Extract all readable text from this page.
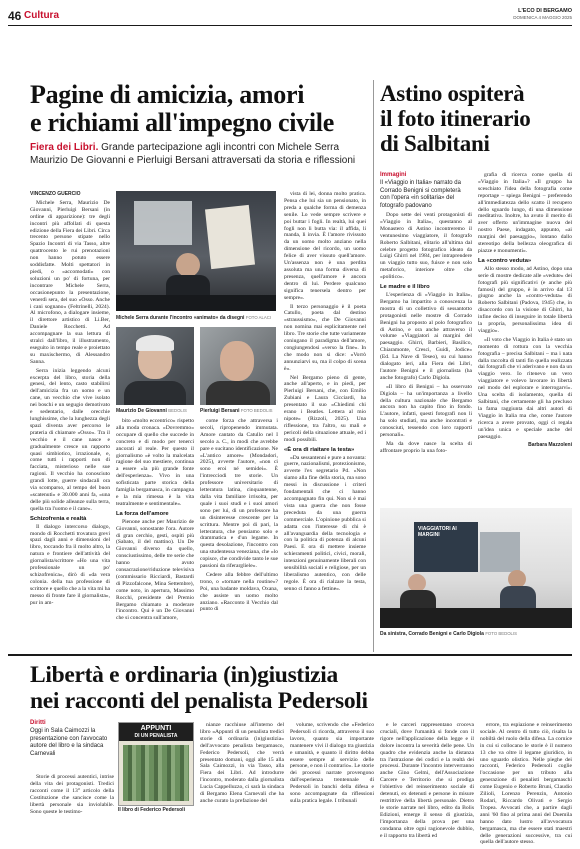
46 Cultura	L'ECO DI BERGAMO
DOMENICA 4 MAGGIO 2025
Pagine di amicizia, amori
e richiami all'impegno civile
Fiera dei Libri. Grande partecipazione agli incontri con Michele Serra
Maurizio De Giovanni e Pierluigi Bersani attraversati da storia e riflessioni
VINCENZO GUERCIO

Michele Serra, Maurizio De Giovanni, Pierluigi Bersani (in ordine di apparizione): tre degli incontri più affollati di questa edizione della Fiera dei Libri. Circa trecento persone stipate nello Spazio Incontri di via Tasso, altre quattrocento le rui prenotazioni non hanno potuto essere soddisfatte. Molti spettatori in piedi, o «accomodati» con soluzioni un po' di fortuna, per incontrare Michele Serra, occasionepunto la presentazione, venerdì sera, del suo «Osso. Anche i cani sognano» (Feltrinelli, 2024). Al microfono, a dialogare insieme, il direttore artistico di Li.Ber, Daniele Rocchetti. Ad accompagnare la sua lettura di stralci dall'libro, il illustramento, eseguito in tempo reale e proiettato su maxischermo, di Alessandro Sanna.

Serra inizia leggendo alcuni excerpta del libro, storia della genesi, del lento, casto stabilirsi dell'amicizia fra un uomo e un cane, un vecchio che vive isolato nei boschi e un segugio demotivato e sedentario, dalle orecchie lunghissime, che la lunghezza degli spazi diventa aver percorso le prateria di chiamare «Osso». Tra il vecchio e il cane nasce e gradualmente cresce un rapporto quasi simbiotico, irrazionale, e, come tutti i rapporti non di facciata, misterioso nelle sue ragioni. Il vecchio ha conosciuto grandi lotte, guerre sindacali ora via scomparso, al tempo del buon «scatenuti» e 30.000 anni fa, «una delle più solide alleanze sulla terra, quella tra l'uomo e il cane».

Schizofrenia e realtà

Il dialogo intercorso dialogo, mondo di Rocchetti trovatura grevi spazi dagli anni e dimensioni del libro, toccando fra il molto altro, la natura e frontiere dell'attività del giornalista/scrittore «Ho una vita professionale un po' schizofrenica», dirò di «da vera colonia. della tua professione di scrittore e quello che a la vita mi ha messo di fronte fare il giornalista», pur in am-

Michele Serra durante l'incontro «animato» da disegni FOTO ALACI
Maurizio De Giovanni BEDOLIS	Pierluigi Bersani FOTO BEDOLIS

bito «molto eccentrico» rispetto alla moda cronaca. «Dovremmo» occupare di quello che succede in concreto e di modo per tenerci ancorati al reale. Per questo il giornalismo «è volto la malcelata ragione del suo mestiere, continua a essere «la più grande fonte dell'esperienza». Vivo in una sofisticata parte storica della famiglia bergamasca, in campagna e la mia rimessa è la vita teatralmente e sentimentale».

La forza dell'amore

Pienone anche per Maurizio de Giovanni, sonostante l'ora. Autore di gran cerchio, gesti, ospiti più (Sabato, il del mattino). Un De Giovanni diverso da quello, consciustissimo, delle tre serie che hanno avuto consacrazione/riduzione televisiva (commissario Ricciardi, Bastardi di Pizzofalcone, Mina Settembre), come noto, in apertura, Massimo Rocchi, presidente del Premio Bergamo chiamato a moderare l'incontro. Qui è un De Giovanni che si concentra sull'amore,

come forza che attraversa i secoli, ripropenendo immutata. Amore cantato da Catullo nel I secolo a. C., in modi che avrebbe pare e sucitano identificazione. Ne «L'antico amore» (Mondadori, 2025), avverte l'autore, «non ci sono eroi né semidei». È l'intrecciodi tre storie. Un professore universitario di letteratura latina, cinquantenne, dalla vita familiare irrisolta, per quale i suoi studi e i suoi amori sono per lui, di un professore ha un disinteresse crescente per la scrittura. Mentre poi di pari, la letteratura, che pensiamo solo e drammatica e d'un legame. In questa desolazione, l'incontro con una studentessa veneziana, che «lo copisce, che condivide tanto le sue passioni da riferargliele».

Cedere alla febbre dell'ultimo trono, o «tornare nella routine»? Poi, una badante moldava, Oxana, che assiste un uomo molto anziano. «Racconto il Vecchio dal punto di

vista di lei, donna molto pratica. Pensa che lui sia un pensionato, in preda a qualche forma di demenza senile. Lo vede sempre scrivere e poi buttar i fogli. In realtà, lui quei fogli non li butta via: il affida, li manda, li invia. È l'amore rivissuto da un uomo molto anziano nella dimensione del ricordo, un uomo felice di aver vissuto quell'amore. Un'assenza non è una perdita assoluta ma una forma diversa di presenza, quell'amore è ancora dentro di lui. Perdere qualcuno significa tenersela dentro per sempre».

Il terzo personaggio è il poeta Catullo, poeta dal destino «straussismo», che De Giovanni non nomina mai esplicitamente nel libro. Tre storie che tutte variamente coniugano il paradigma dell'amore, congiungendosi «verso la fine». In che modo non si dice: «Vorrò annunziarvi su, ma il colpo di scena è».

Nel Bergamo pieno di gente, anche all'aperto, e in piedi, per Pierluigi Bersani, che, con Emilio Zubiani e Laura Cicciardi, ha presentato il suo «Chiedimi chi erano i Beatles. Lettera al mio nipote» (Rizzoli, 2025). Una riflessione, tra l'altro, su mali e pericoli della situazione attuale, ed i modi possibili.

«È ora di riaitare la testa»

«Da sessantenni e pure a novanta: guerre, nazionalismi, protezionismo, avverte l'ex segretario Pd. «Non siamo alla fine della storia, ma sono messi in discussione i criteri fondamentali che ci hanno accompagnato fin qui. Non si è mai vista una guerra che non fosse preceduta da una guerra commerciale. L'opinione pubblica si adatta con l'interesse di chi è all'avanguardia della tecnologia e con la politica di potenza di alcuni Paesi. E ora di mettere insieme schieramenti politici, civici, morali, intenzioni genuinamente liberali con sensibilità sociali e religiose, per un liberalismo autentico, con delle regole. È ora di rialzare la testa, senno ci fanno a fettine».

Astino ospiterà
il foto itinerario
di Salbitani
Immagini
Il «Viaggio in Italia» narrato da Corrado Benigni si completerà con l'opera «in solitaria» del fotografo padovano

Dopo sette dei venti protagonisti di «Viaggio in Italia», questanno al Monastero di Astino incontreremo il ventunesimo viaggiatore, il fotografo Roberto Salbitani, elitario all'ultima dal celebre progetto fotografico ideato da Luigi Ghirri nel 1984, per intraprendere un viaggio tutto suo, fuisce e non solo metaforico, interiore oltre che «politico».

Le madre e il libro

L'esperienza di «Viaggio in Italia», Bergamo ha impartito a conoscenza la mostra di un collettivo di sessantotto protagonisti nelle mostre di Corrado Benigni ha proposto al polo fotografico di Astino, e ora anche attraverso il volume «Viaggiatori ai margini del paesaggio. Ghirri, Barbieri, Basilico, Chiaramonte, Cresci, Guidi, Jodice» (Ed. La Nave di Teseo), su cui hanno dialogato ieri, alla Fiera dei Libri, l'autore Benigni e il giornalista (ha anche fotografo) Carlo Digiola.

«Il libro di Benigni – ha osservato Digiola – ha un'importanza a livello della cultura nazionale che Bergamo ancora non ha capito fino in fondo. L'autore, infatti, questi fotografi non li ha solo studiati, ma anche incontrati e conosciuti, tessendo con loro rapporti personali».

Ma da dove nasce la scelta di affrontare proprio la una foto-

grafia di ricerca come quella di «Viaggio in Italia»? «Il gruppo ha sceschiato l'idea della fotografia come reportage – spiega Benigni – preferendo all'immediatezza dello scatto il recupero dello sguardo lungo, di una dimensione meditativa. Inoltre, ha avuto il merito di aver offerto un'immagine nuova del nostro Paese, indagato, appunto, «ai margini del paesaggio», lontano dallo stereotipo della bellezza oleografica di piazze e monumenti».

La «contro veduta»

Allo stesso modo, ad Astino, dopo una serie di mostre dedicate alle «vedute» dei fotografi più significativi (e anche più famosi) del gruppo, è in arrivo dal 13 giugno anche la «contro-veduta» di Roberto Salbitani (Padova, 1945) che, in disaccordo con la visione di Ghirri, ha infine deciso di inseguire in totale libertà la propria, personalissima idea di viaggio».

«Il voto che Viaggio in Italia è stato un momento di rottura con la vecchia fotografia – precisa Salbitani – ma i nata dalla raccolta di tanti fin quella realizzata dai fotografi che vi aderivano e non da un viaggio vero. Io ritenevo un vero viaggiatore e volevo lavorare in libertà nel modo del esplorare e interrogarvi». Una scelta di isolamento, quella di Salbitani, che certamente gli ha precluso la fama raggiunta dai altri autori di Viaggio in Italia ma che, come l'autore ricerca a avere provato, oggi ci regala un'idea unica e speciale anche del paesaggio.

Barbara Mazzoleni
VIAGGIATORI AI MARGINI
Da sinistra, Corrado Benigni e Carlo Digiola FOTO BEDOLIS
Libertà e ordinaria (in)giustizia
nei racconti del penalista Pedersoli
Diritti
Oggi in Sala Caimozzi la presentazione con l'avvocato autore del libro e la sindaca Carnevali
APPUNTI
DI UN PENALISTA
Il libro di Federico Pedersoli

Storie di processi autentici, intrise della vita dei protagonisti. Tredici racconti come il 13° articolo della Costituzione che sancisce come la libertà personale sia inviolabile. Sono queste le testimo-

nianze racchiuse all'interno del libro «Appunti di un penalista tredici storie di ordinaria (in)giustizia» dell'avvocato penalista bergamasco, Federico Pedersoli, che verrà presentato domani, oggi alle 15 alla Sala Caimozzi, in via Tasso, alla Fiera dei Libri. Ad introdurre l'incontro, moderato dalla giornalista Lucia Cappelluzzo, ci sarà la sindaca di Bergamo Elena Carnevali che ha anche curato la prefazione del

volume, scrivendo che «Federico Pedersoli ci ricorda, attraverso il suo lavoro, quanto sia importante mantenere vivi il dialogo tra giustizia e umanità, e quanto il diritto debba essere sempre al servizio delle persone, e non il contrario». Le storie dei processi narrate provengono dall'esperienza trentennale di Pedersoli in banchi della difesa e sono accompagnate da riflessioni sulla pratica legale. I tribunali

e le carceri rappresentano croceva cruciali, dove l'umanità si fonde con il rigore nell'applicazione della legge e il dolore incontra la severità delle pene. Un quadro che evidenzia anche la distanza tra l'astrazione dei codici e la realtà dei processi. Durante l'incontro interverranno anche Gino Gelmi, dell'Associazione Carcere e Territorio che si prodiga l'obiettivo del reinserimento sociale di detenuti, ex detenuti e persone in misure restrittive della libertà personale. Dietro le storie narrate nel libro, edito da Bolis Edizioni, emerge il senso di giustizia, l'importanza della prova per una condanna oltre ogni ragionevole dubbio, e il rapporto tra libertà ed

errore, tra espiazione e reinserimento sociale. Al centro di tutto ciò, risalta la nobiltà del ruolo della difesa. La cornice in cui si collocano le storie è il numero 13 che va oltre il legame giuridico, in uno sguardo olistico. Nelle pieghe dei racconti, Federico Pedersoli coglie l'occasione per un tributo alla generazione di penalisti bergamaschi come Eugenio e Roberto Bruni, Claudio Zilioli, Lorenzo Perenzin, Antonio Rodari, Riccardo Olivati e Sergio Tropea. Avvocati che, a partire dagli anni '60 fino al prima anni del Duemila hanno dato lustro all'avvocatura bergamasca, ma che essere stati maestri delle generazioni successive, tra cui quella dell'autore stesso.
